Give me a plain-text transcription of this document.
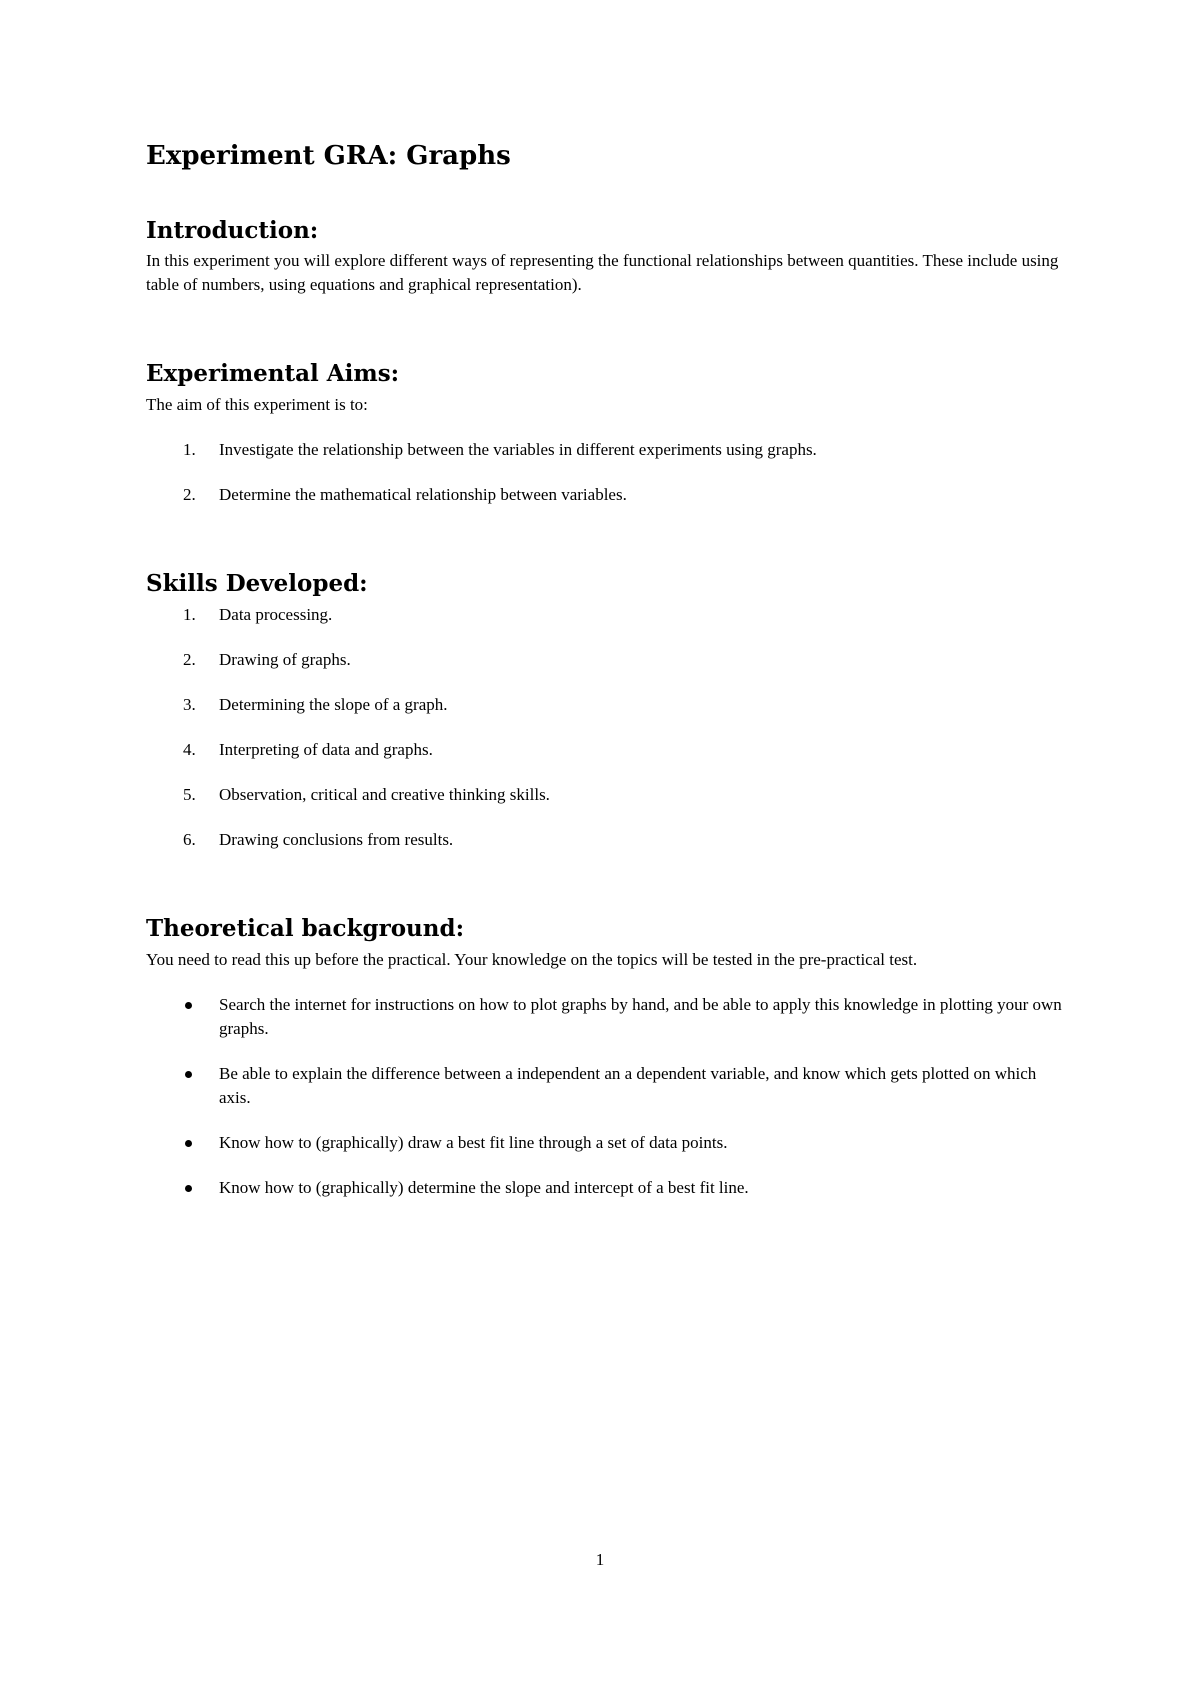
Experiment GRA: Graphs
Introduction:

In this experiment you will explore different ways of representing the functional relationships between quantities. These include using table of numbers, using equations and graphical representation).

Experimental Aims:

The aim of this experiment is to:

1. Investigate the relationship between the variables in different experiments using graphs.
2. Determine the mathematical relationship between variables.
Skills Developed:
1. Data processing.
2. Drawing of graphs.
3. Determining the slope of a graph.
4. Interpreting of data and graphs.
5. Observation, critical and creative thinking skills.
6. Drawing conclusions from results.
Theoretical background:

You need to read this up before the practical. Your knowledge on the topics will be tested in the pre-practical test.

Search the internet for instructions on how to plot graphs by hand, and be able to apply this knowledge in plotting your own graphs.
Be able to explain the difference between a independent an a dependent variable, and know which gets plotted on which axis.
Know how to (graphically) draw a best fit line through a set of data points.
Know how to (graphically) determine the slope and intercept of a best fit line.
1
